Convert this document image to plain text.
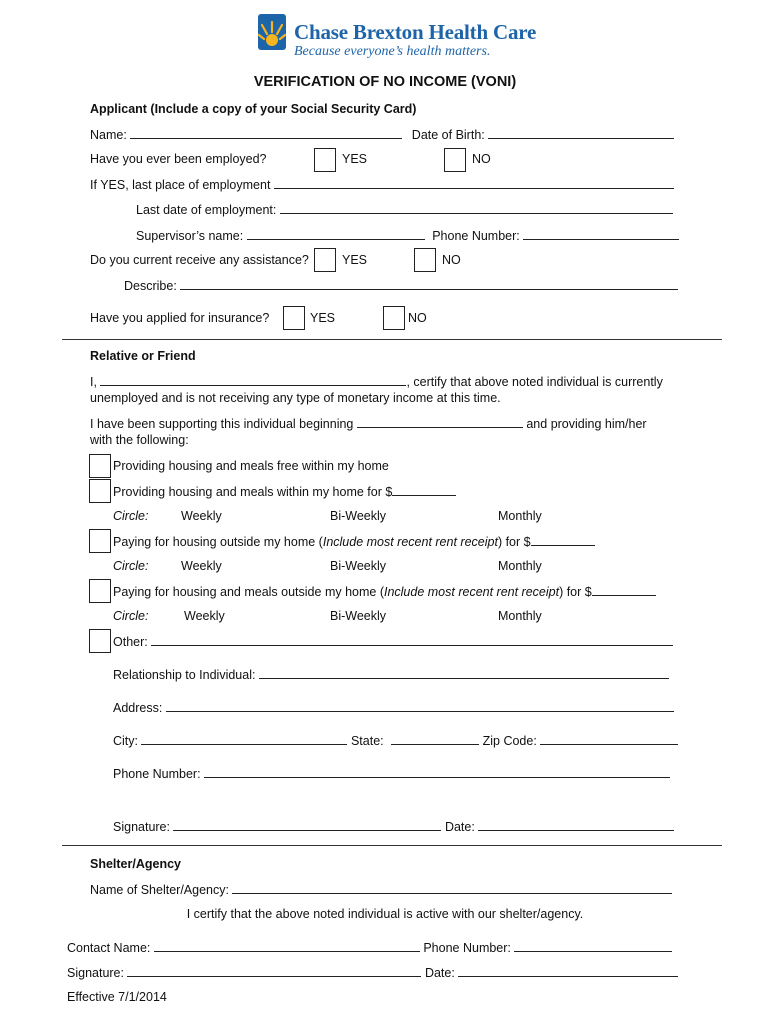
Chase Brexton Health Care
Because everyone’s health matters.
VERIFICATION OF NO INCOME (VONI)
Applicant (Include a copy of your Social Security Card)
Name:	Date of Birth:
Have you ever been employed?	YES	NO
If YES, last place of employment
Last date of employment:
Supervisor’s name:	Phone Number:
Do you current receive any assistance?	YES	NO
Describe:
Have you applied for insurance?	YES	NO
Relative or Friend
I,	, certify that above noted individual is currently
unemployed and is not receiving any type of monetary income at this time.
I have been supporting this individual beginning	and providing him/her
with the following:
Providing housing and meals free within my home
Providing housing and meals within my home for $
Circle:	Weekly	Bi-Weekly	Monthly
Paying for housing outside my home (Include most recent rent receipt) for $
Circle:	Weekly	Bi-Weekly	Monthly
Paying for housing and meals outside my home (Include most recent rent receipt) for $
Circle:	Weekly	Bi-Weekly	Monthly
Other:
Relationship to Individual:
Address:
City:	State:	Zip Code:
Phone Number:
Signature:	Date:
Shelter/Agency
Name of Shelter/Agency:
I certify that the above noted individual is active with our shelter/agency.
Contact Name:	Phone Number:
Signature:	Date:
Effective 7/1/2014
